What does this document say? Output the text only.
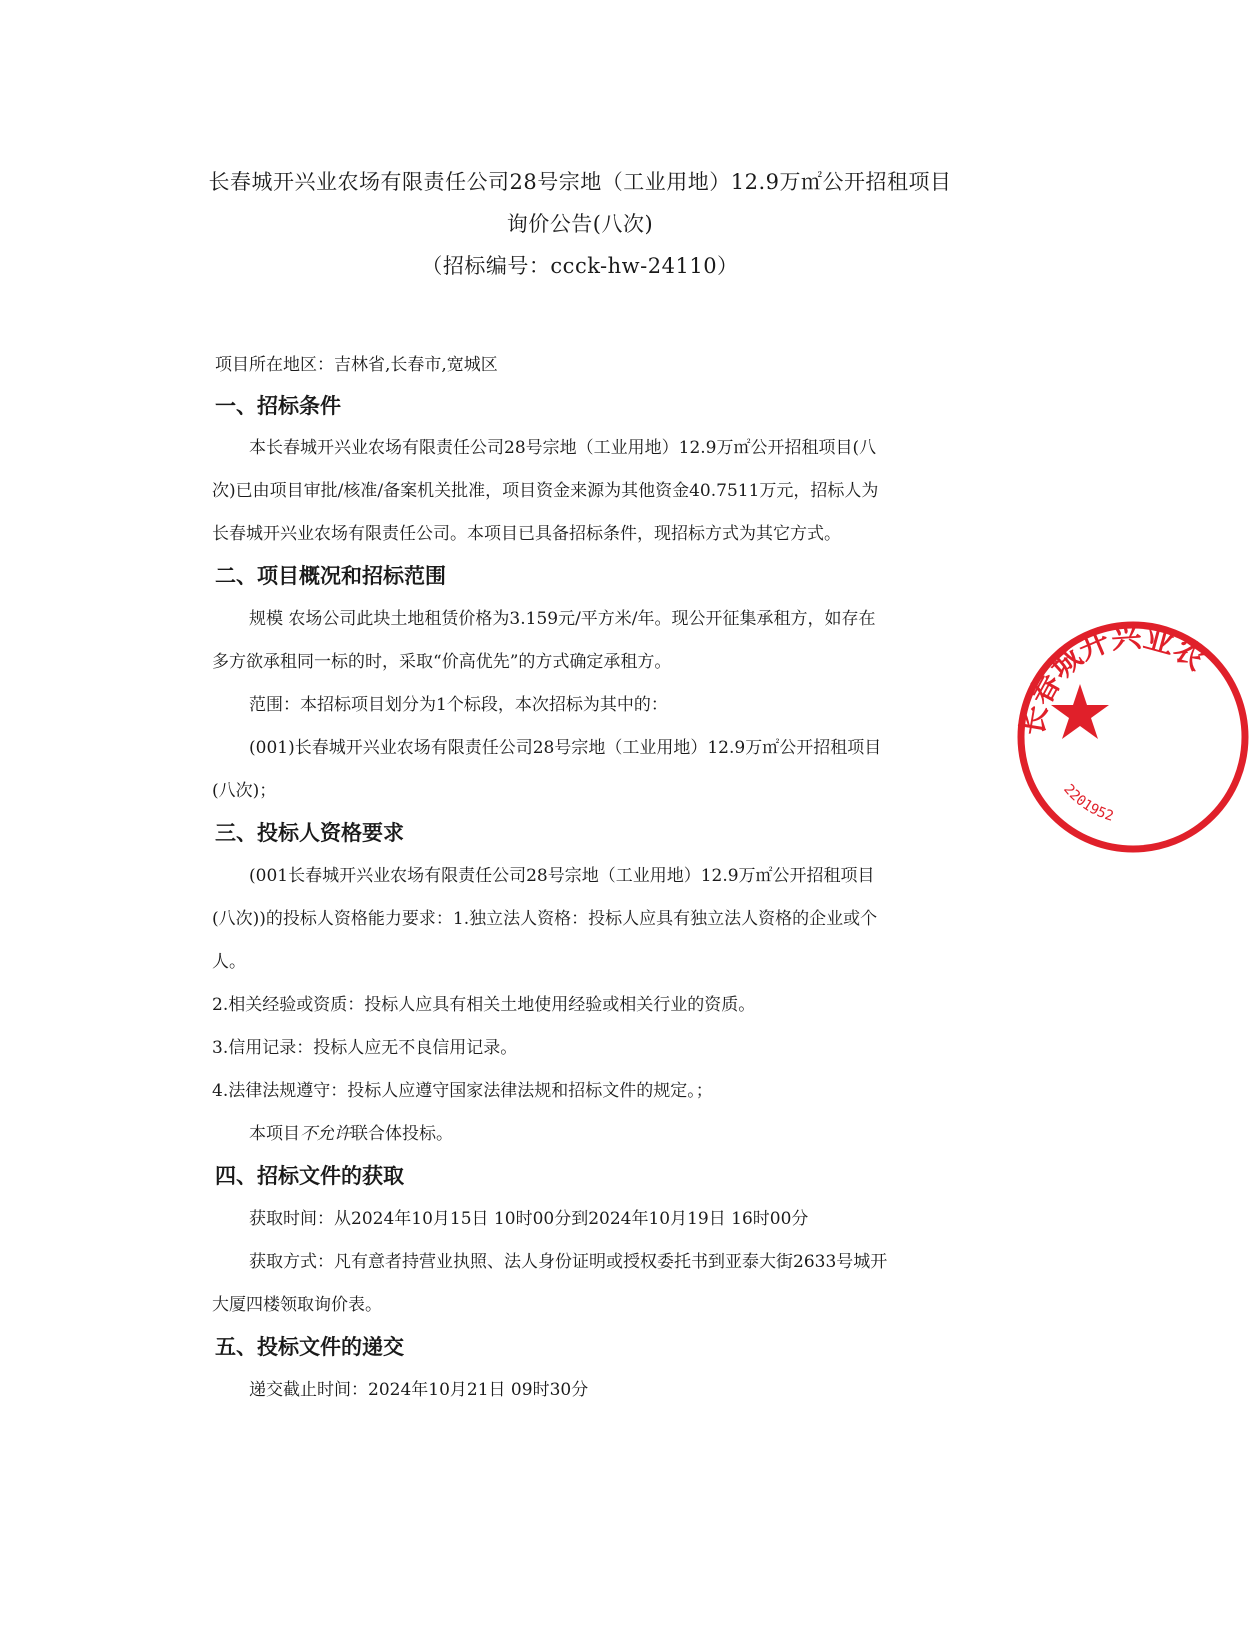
长春城开兴业农场有限责任公司28号宗地（工业用地）12.9万㎡公开招租项目
询价公告(八次)
（招标编号：ccck-hw-24110）
项目所在地区：吉林省,长春市,宽城区
一、招标条件
本长春城开兴业农场有限责任公司28号宗地（工业用地）12.9万㎡公开招租项目(八
次)已由项目审批/核准/备案机关批准，项目资金来源为其他资金40.7511万元，招标人为
长春城开兴业农场有限责任公司。本项目已具备招标条件，现招标方式为其它方式。
二、项目概况和招标范围
规模 农场公司此块土地租赁价格为3.159元/平方米/年。现公开征集承租方，如存在
多方欲承租同一标的时，采取“价高优先”的方式确定承租方。
范围：本招标项目划分为1个标段，本次招标为其中的：
(001)长春城开兴业农场有限责任公司28号宗地（工业用地）12.9万㎡公开招租项目
(八次)；
三、投标人资格要求
(001长春城开兴业农场有限责任公司28号宗地（工业用地）12.9万㎡公开招租项目
(八次))的投标人资格能力要求：1.独立法人资格：投标人应具有独立法人资格的企业或个
人。
2.相关经验或资质：投标人应具有相关土地使用经验或相关行业的资质。
3.信用记录：投标人应无不良信用记录。
4.法律法规遵守：投标人应遵守国家法律法规和招标文件的规定。；
本项目不允许联合体投标。
四、招标文件的获取
获取时间：从2024年10月15日 10时00分到2024年10月19日 16时00分
获取方式：凡有意者持营业执照、法人身份证明或授权委托书到亚泰大街2633号城开
大厦四楼领取询价表。
五、投标文件的递交
递交截止时间：2024年10月21日 09时30分
长春城开兴业农
2201952
